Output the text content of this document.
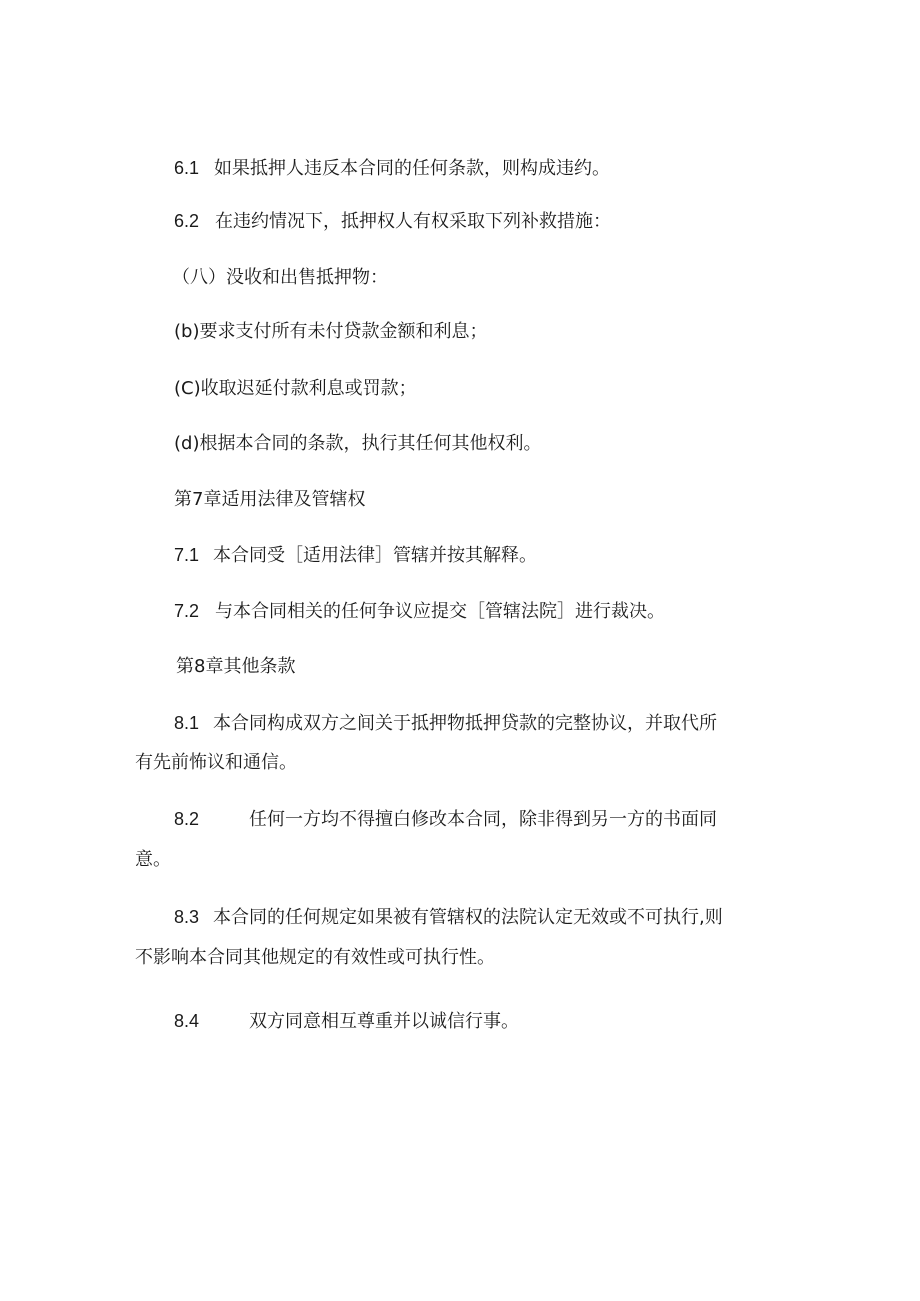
6.1 如果抵押人违反本合同的任何条款，则构成违约。

6.2 在违约情况下，抵押权人有权采取下列补救措施：

（八）没收和出售抵押物：

(b)要求支付所有未付贷款金额和利息；

(C)收取迟延付款利息或罚款；

(d)根据本合同的条款，执行其任何其他权利。

第7章适用法律及管辖权

7.1 本合同受［适用法律］管辖并按其解释。

7.2 与本合同相关的任何争议应提交［管辖法院］进行裁决。

第8章其他条款

8.1 本合同构成双方之间关于抵押物抵押贷款的完整协议，并取代所

有先前怖议和通信。

8.2	任何一方均不得擅白修改本合同，除非得到另一方的书面同

意。

8.3 本合同的任何规定如果被有管辖权的法院认定无效或不可执行,则

不影响本合同其他规定的有效性或可执行性。

8.4	双方同意相互尊重并以诚信行事。
